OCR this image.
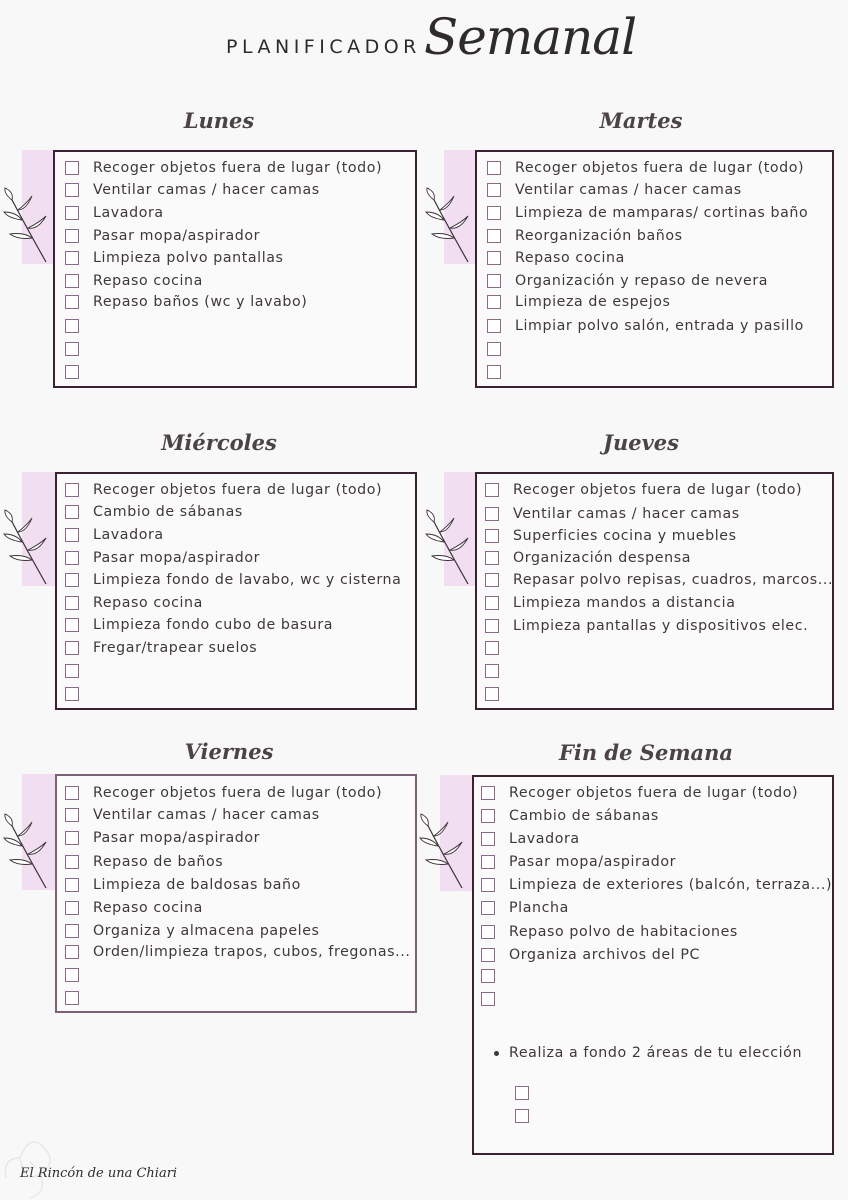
PLANIFICADOR Semanal
Lunes
Recoger objetos fuera de lugar (todo)
Ventilar camas / hacer camas
Lavadora
Pasar mopa/aspirador
Limpieza polvo pantallas
Repaso cocina
Repaso baños (wc y lavabo)
Martes
Recoger objetos fuera de lugar (todo)
Ventilar camas / hacer camas
Limpieza de mamparas/ cortinas baño
Reorganización baños
Repaso cocina
Organización y repaso de nevera
Limpieza de espejos
Limpiar polvo salón, entrada y pasillo
Miércoles
Recoger objetos fuera de lugar (todo)
Cambio de sábanas
Lavadora
Pasar mopa/aspirador
Limpieza fondo de lavabo, wc y cisterna
Repaso cocina
Limpieza fondo cubo de basura
Fregar/trapear suelos
Jueves
Recoger objetos fuera de lugar (todo)
Ventilar camas / hacer camas
Superficies cocina y muebles
Organización despensa
Repasar polvo repisas, cuadros, marcos...
Limpieza mandos a distancia
Limpieza pantallas y dispositivos elec.
Viernes
Recoger objetos fuera de lugar (todo)
Ventilar camas / hacer camas
Pasar mopa/aspirador
Repaso de baños
Limpieza de baldosas baño
Repaso cocina
Organiza y almacena papeles
Orden/limpieza trapos, cubos, fregonas...
Fin de Semana
Recoger objetos fuera de lugar (todo)
Cambio de sábanas
Lavadora
Pasar mopa/aspirador
Limpieza de exteriores (balcón, terraza...)
Plancha
Repaso polvo de habitaciones
Organiza archivos del PC
Realiza a fondo 2 áreas de tu elección
El Rincón de una Chiari
